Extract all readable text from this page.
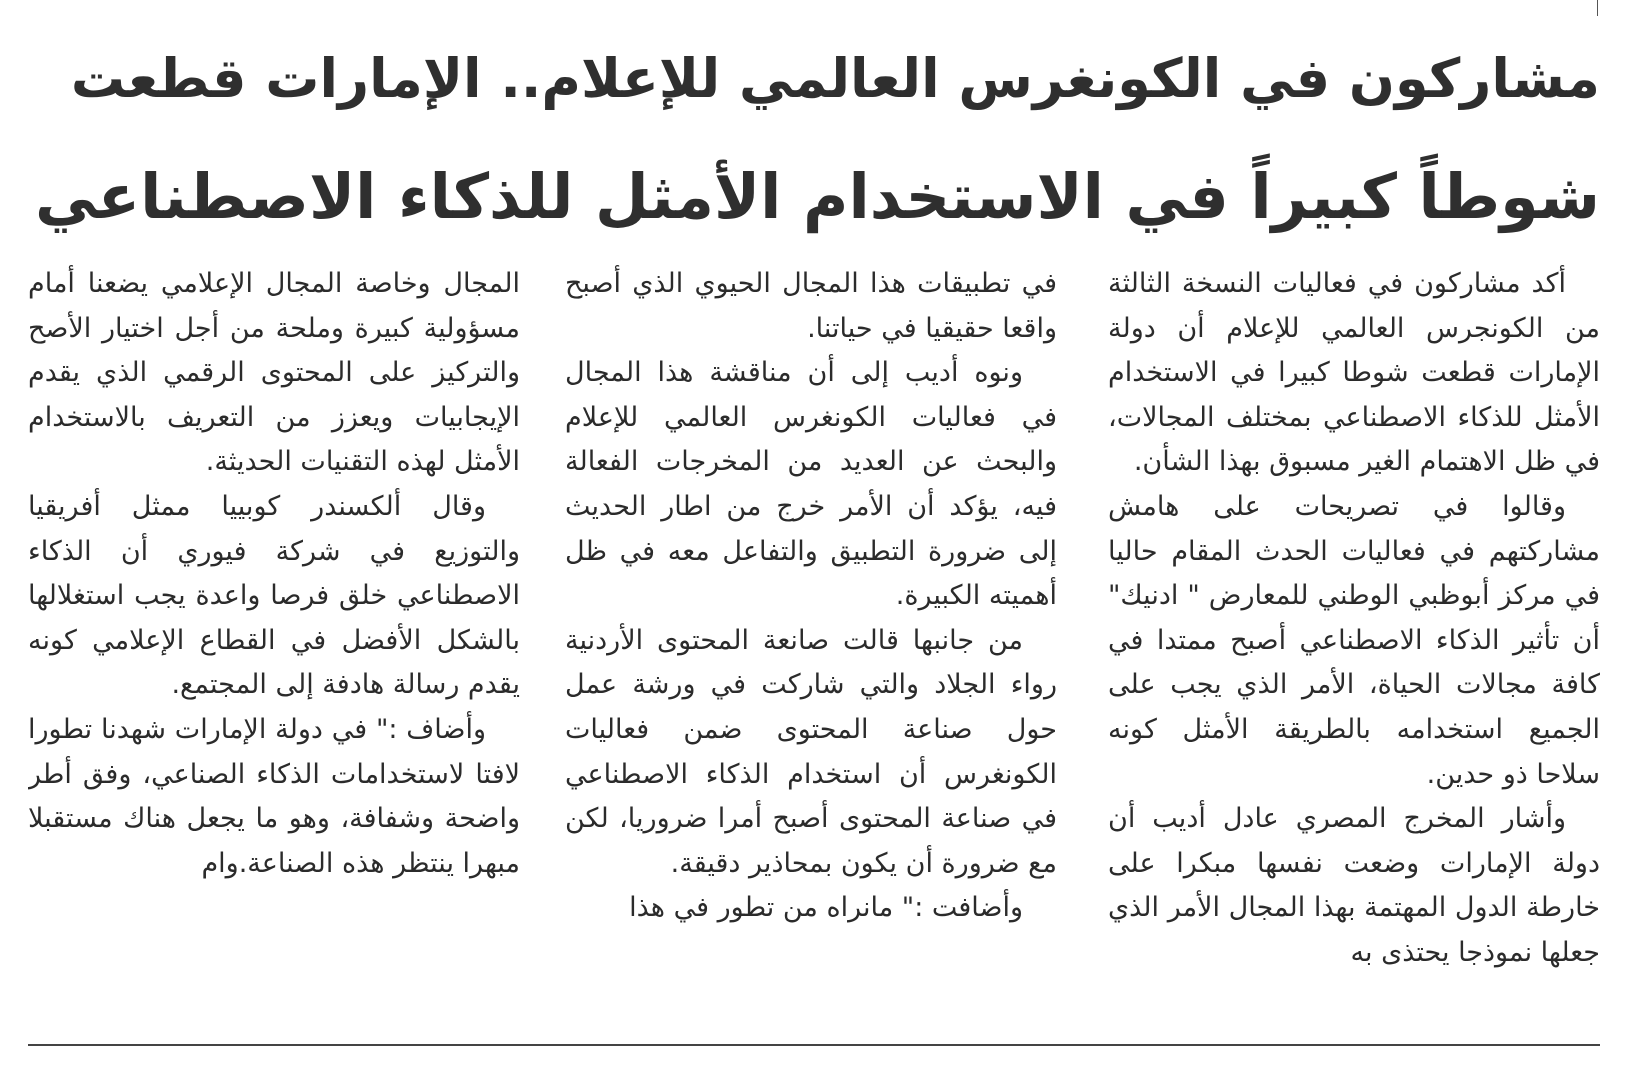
مشاركون في الكونغرس العالمي للإعلام.. الإمارات قطعت
شوطاً كبيراً في الاستخدام الأمثل للذكاء الاصطناعي

أكد مشاركون في فعاليات النسخة الثالثة من الكونجرس العالمي للإعلام أن دولة الإمارات قطعت شوطا كبيرا في الاستخدام الأمثل للذكاء الاصطناعي بمختلف المجالات، في ظل الاهتمام الغير مسبوق بهذا الشأن.

وقالوا في تصريحات على هامش مشاركتهم في فعاليات الحدث المقام حاليا في مركز أبوظبي الوطني للمعارض " ادنيك" أن تأثير الذكاء الاصطناعي أصبح ممتدا في كافة مجالات الحياة، الأمر الذي يجب على الجميع استخدامه بالطريقة الأمثل كونه سلاحا ذو حدين.

وأشار المخرج المصري عادل أديب أن دولة الإمارات وضعت نفسها مبكرا على خارطة الدول المهتمة بهذا المجال الأمر الذي جعلها نموذجا يحتذى به

في تطبيقات هذا المجال الحيوي الذي أصبح واقعا حقيقيا في حياتنا.

ونوه أديب إلى أن مناقشة هذا المجال في فعاليات الكونغرس العالمي للإعلام والبحث عن العديد من المخرجات الفعالة فيه، يؤكد أن الأمر خرج من اطار الحديث إلى ضرورة التطبيق والتفاعل معه في ظل أهميته الكبيرة.

من جانبها قالت صانعة المحتوى الأردنية رواء الجلاد والتي شاركت في ورشة عمل حول صناعة المحتوى ضمن فعاليات الكونغرس أن استخدام الذكاء الاصطناعي في صناعة المحتوى أصبح أمرا ضروريا، لكن مع ضرورة أن يكون بمحاذير دقيقة.

وأضافت :" مانراه من تطور في هذا

المجال وخاصة المجال الإعلامي يضعنا أمام مسؤولية كبيرة وملحة من أجل اختيار الأصح والتركيز على المحتوى الرقمي الذي يقدم الإيجابيات ويعزز من التعريف بالاستخدام الأمثل لهذه التقنيات الحديثة.

وقال ألكسندر كوبييا ممثل أفريقيا والتوزيع في شركة فيوري أن الذكاء الاصطناعي خلق فرصا واعدة يجب استغلالها بالشكل الأفضل في القطاع الإعلامي كونه يقدم رسالة هادفة إلى المجتمع.

وأضاف :" في دولة الإمارات شهدنا تطورا لافتا لاستخدامات الذكاء الصناعي، وفق أطر واضحة وشفافة، وهو ما يجعل هناك مستقبلا مبهرا ينتظر هذه الصناعة.وام
